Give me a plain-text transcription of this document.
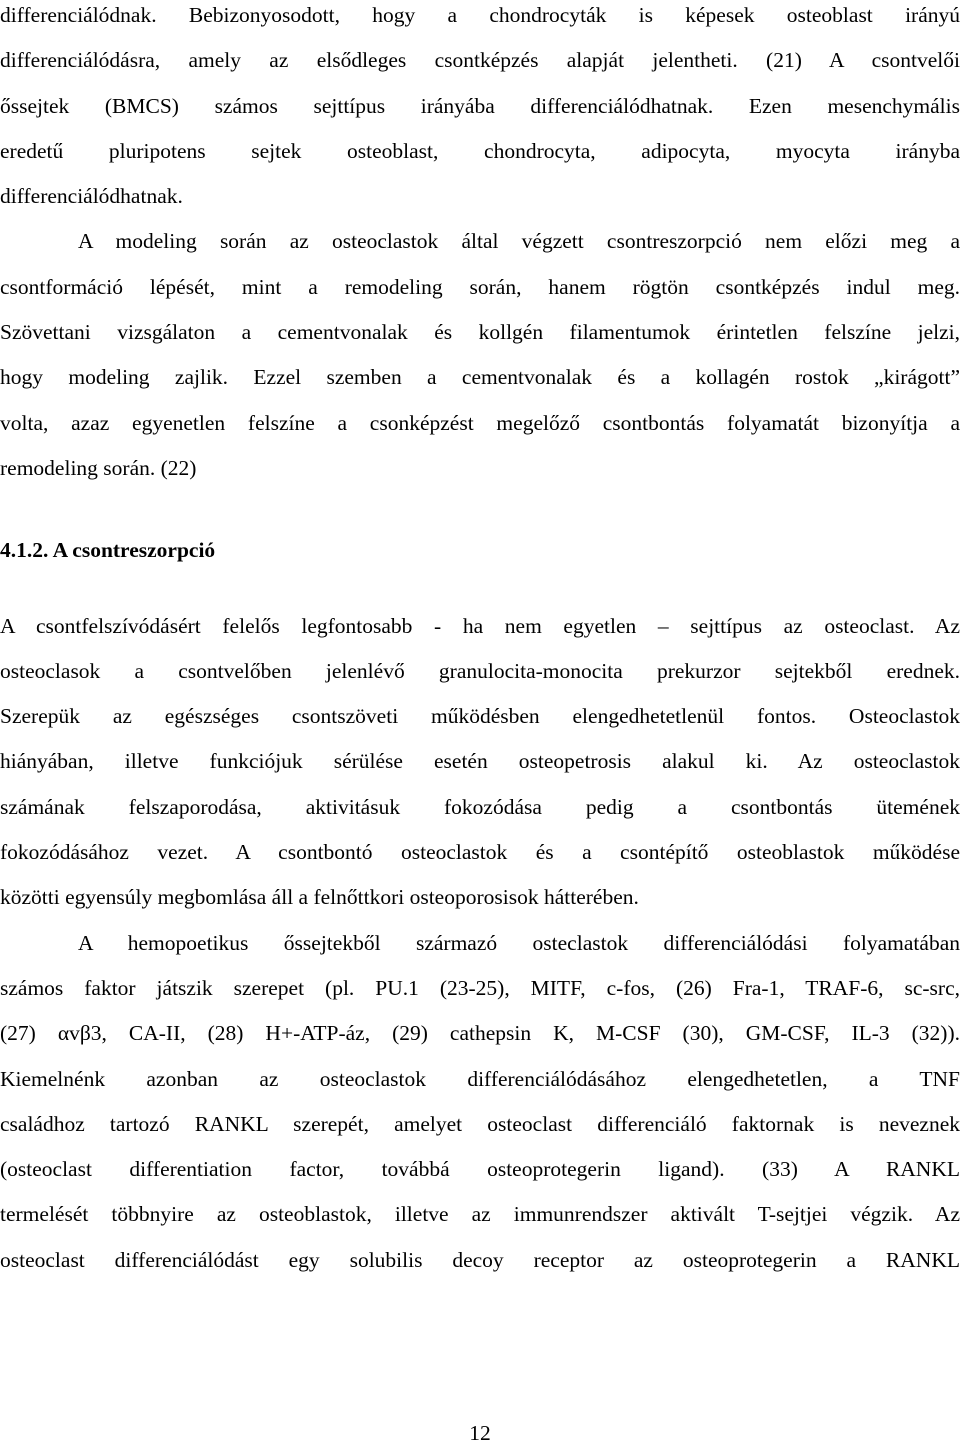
differenciálódnak. Bebizonyosodott, hogy a chondrocyták is képesek osteoblast irányú
differenciálódásra, amely az elsődleges csontképzés alapját jelentheti. (21) A csontvelői
őssejtek (BMCS) számos sejttípus irányába differenciálódhatnak. Ezen mesenchymális
eredetű pluripotens sejtek osteoblast, chondrocyta, adipocyta, myocyta irányba
differenciálódhatnak.
A modeling során az osteoclastok által végzett csontreszorpció nem előzi meg a
csontformáció lépését, mint a remodeling során, hanem rögtön csontképzés indul meg.
Szövettani vizsgálaton a cementvonalak és kollgén filamentumok érintetlen felszíne jelzi,
hogy modeling zajlik. Ezzel szemben a cementvonalak és a kollagén rostok „kirágott”
volta, azaz egyenetlen felszíne a csonképzést megelőző csontbontás folyamatát bizonyítja a
remodeling során. (22)
4.1.2. A csontreszorpció
A csontfelszívódásért felelős legfontosabb - ha nem egyetlen – sejttípus az osteoclast. Az
osteoclasok a csontvelőben jelenlévő granulocita-monocita prekurzor sejtekből erednek.
Szerepük az egészséges csontszöveti működésben elengedhetetlenül fontos. Osteoclastok
hiányában, illetve funkciójuk sérülése esetén osteopetrosis alakul ki. Az osteoclastok
számának felszaporodása, aktivitásuk fokozódása pedig a csontbontás ütemének
fokozódásához vezet. A csontbontó osteoclastok és a csontépítő osteoblastok működése
közötti egyensúly megbomlása áll a felnőttkori osteoporosisok hátterében.
A hemopoetikus őssejtekből származó osteclastok differenciálódási folyamatában
számos faktor játszik szerepet (pl. PU.1 (23-25), MITF, c-fos, (26) Fra-1, TRAF-6, sc-src,
(27) αvβ3, CA-II, (28) H+-ATP-áz, (29) cathepsin K, M-CSF (30), GM-CSF, IL-3 (32)).
Kiemelnénk azonban az osteoclastok differenciálódásához elengedhetetlen, a TNF
családhoz tartozó RANKL szerepét, amelyet osteoclast differenciáló faktornak is neveznek
(osteoclast differentiation factor, továbbá osteoprotegerin ligand). (33) A RANKL
termelését többnyire az osteoblastok, illetve az immunrendszer aktivált T-sejtjei végzik. Az
osteoclast differenciálódást egy solubilis decoy receptor az osteoprotegerin a RANKL
12
